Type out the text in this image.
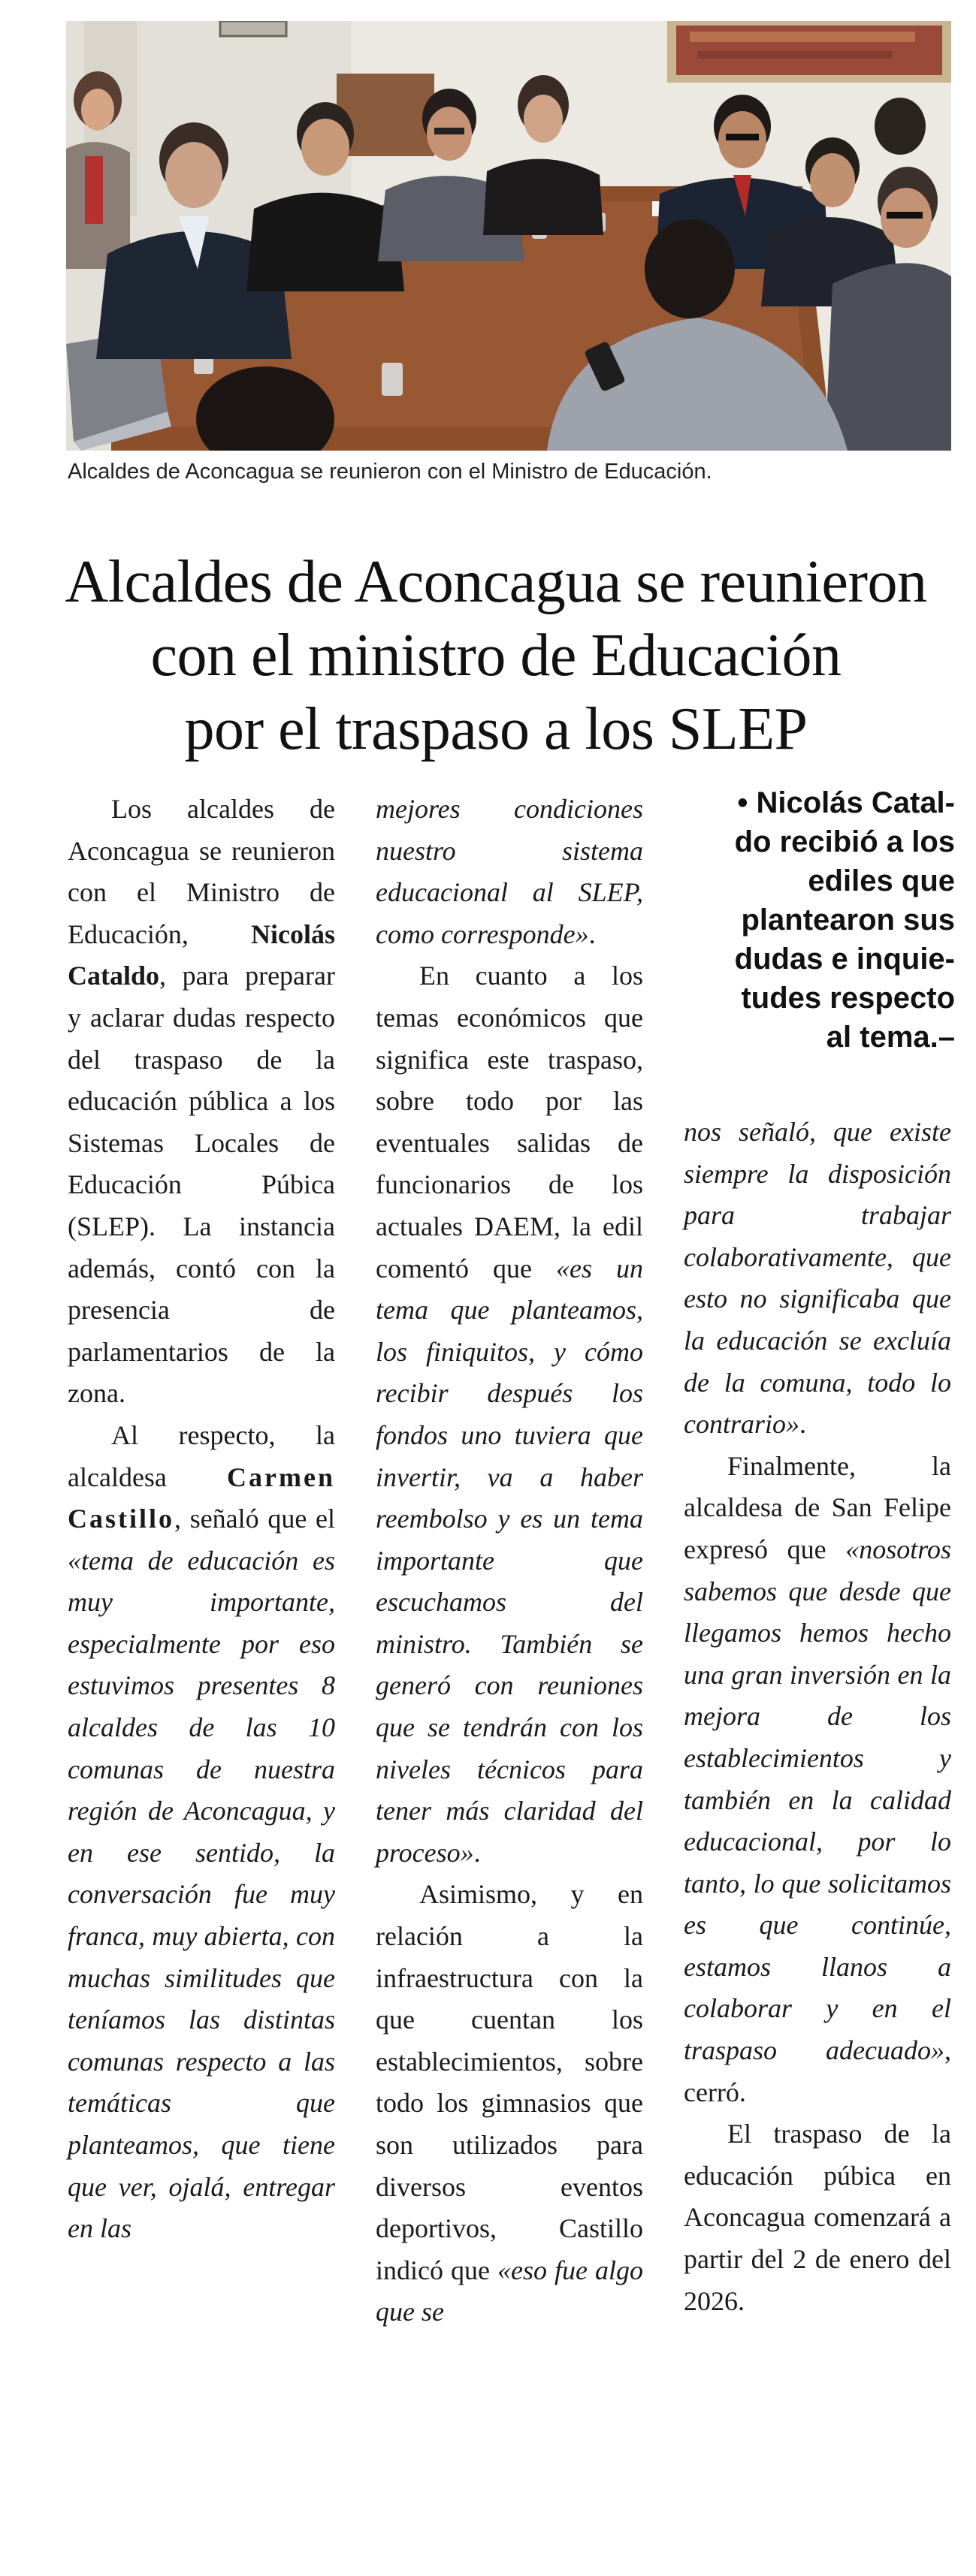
Alcaldes de Aconcagua se reunieron con el Ministro de Educación.
Alcaldes de Aconcagua se reunieron
con el ministro de Educación
por el traspaso a los SLEP

Los alcaldes de Aconcagua se reunieron con el Ministro de Educación, Nicolás Cataldo, para preparar y aclarar dudas respecto del traspaso de la educación pública a los Sistemas Locales de Educación Púbica (SLEP). La instancia además, contó con la presencia de parlamentarios de la zona.

Al respecto, la alcaldesa Carmen Castillo, señaló que el «tema de educación es muy importante, especialmente por eso estuvimos presentes 8 alcaldes de las 10 comunas de nuestra región de Aconcagua, y en ese sentido, la conversación fue muy franca, muy abierta, con muchas similitudes que teníamos las distintas comunas respecto a las temáticas que planteamos, que tiene que ver, ojalá, entregar en las

mejores condiciones nuestro sistema educacional al SLEP, como corresponde».

En cuanto a los temas económicos que significa este traspaso, sobre todo por las eventuales salidas de funcionarios de los actuales DAEM, la edil comentó que «es un tema que planteamos, los finiquitos, y cómo recibir después los fondos uno tuviera que invertir, va a haber reembolso y es un tema importante que escuchamos del ministro. También se generó con reuniones que se tendrán con los niveles técnicos para tener más claridad del proceso».

Asimismo, y en relación a la infraestructura con la que cuentan los establecimientos, sobre todo los gimnasios que son utilizados para diversos eventos deportivos, Castillo indicó que «eso fue algo que se

• Nicolás Catal-
do recibió a los
ediles que
plantearon sus
dudas e inquie-
tudes respecto
al tema.–

nos señaló, que existe siempre la disposición para trabajar colaborativamente, que esto no significaba que la educación se excluía de la comuna, todo lo contrario».

Finalmente, la alcaldesa de San Felipe expresó que «nosotros sabemos que desde que llegamos hemos hecho una gran inversión en la mejora de los establecimientos y también en la calidad educacional, por lo tanto, lo que solicitamos es que continúe, estamos llanos a colaborar y en el traspaso adecuado», cerró.

El traspaso de la educación púbica en Aconcagua comenzará a partir del 2 de enero del 2026.
